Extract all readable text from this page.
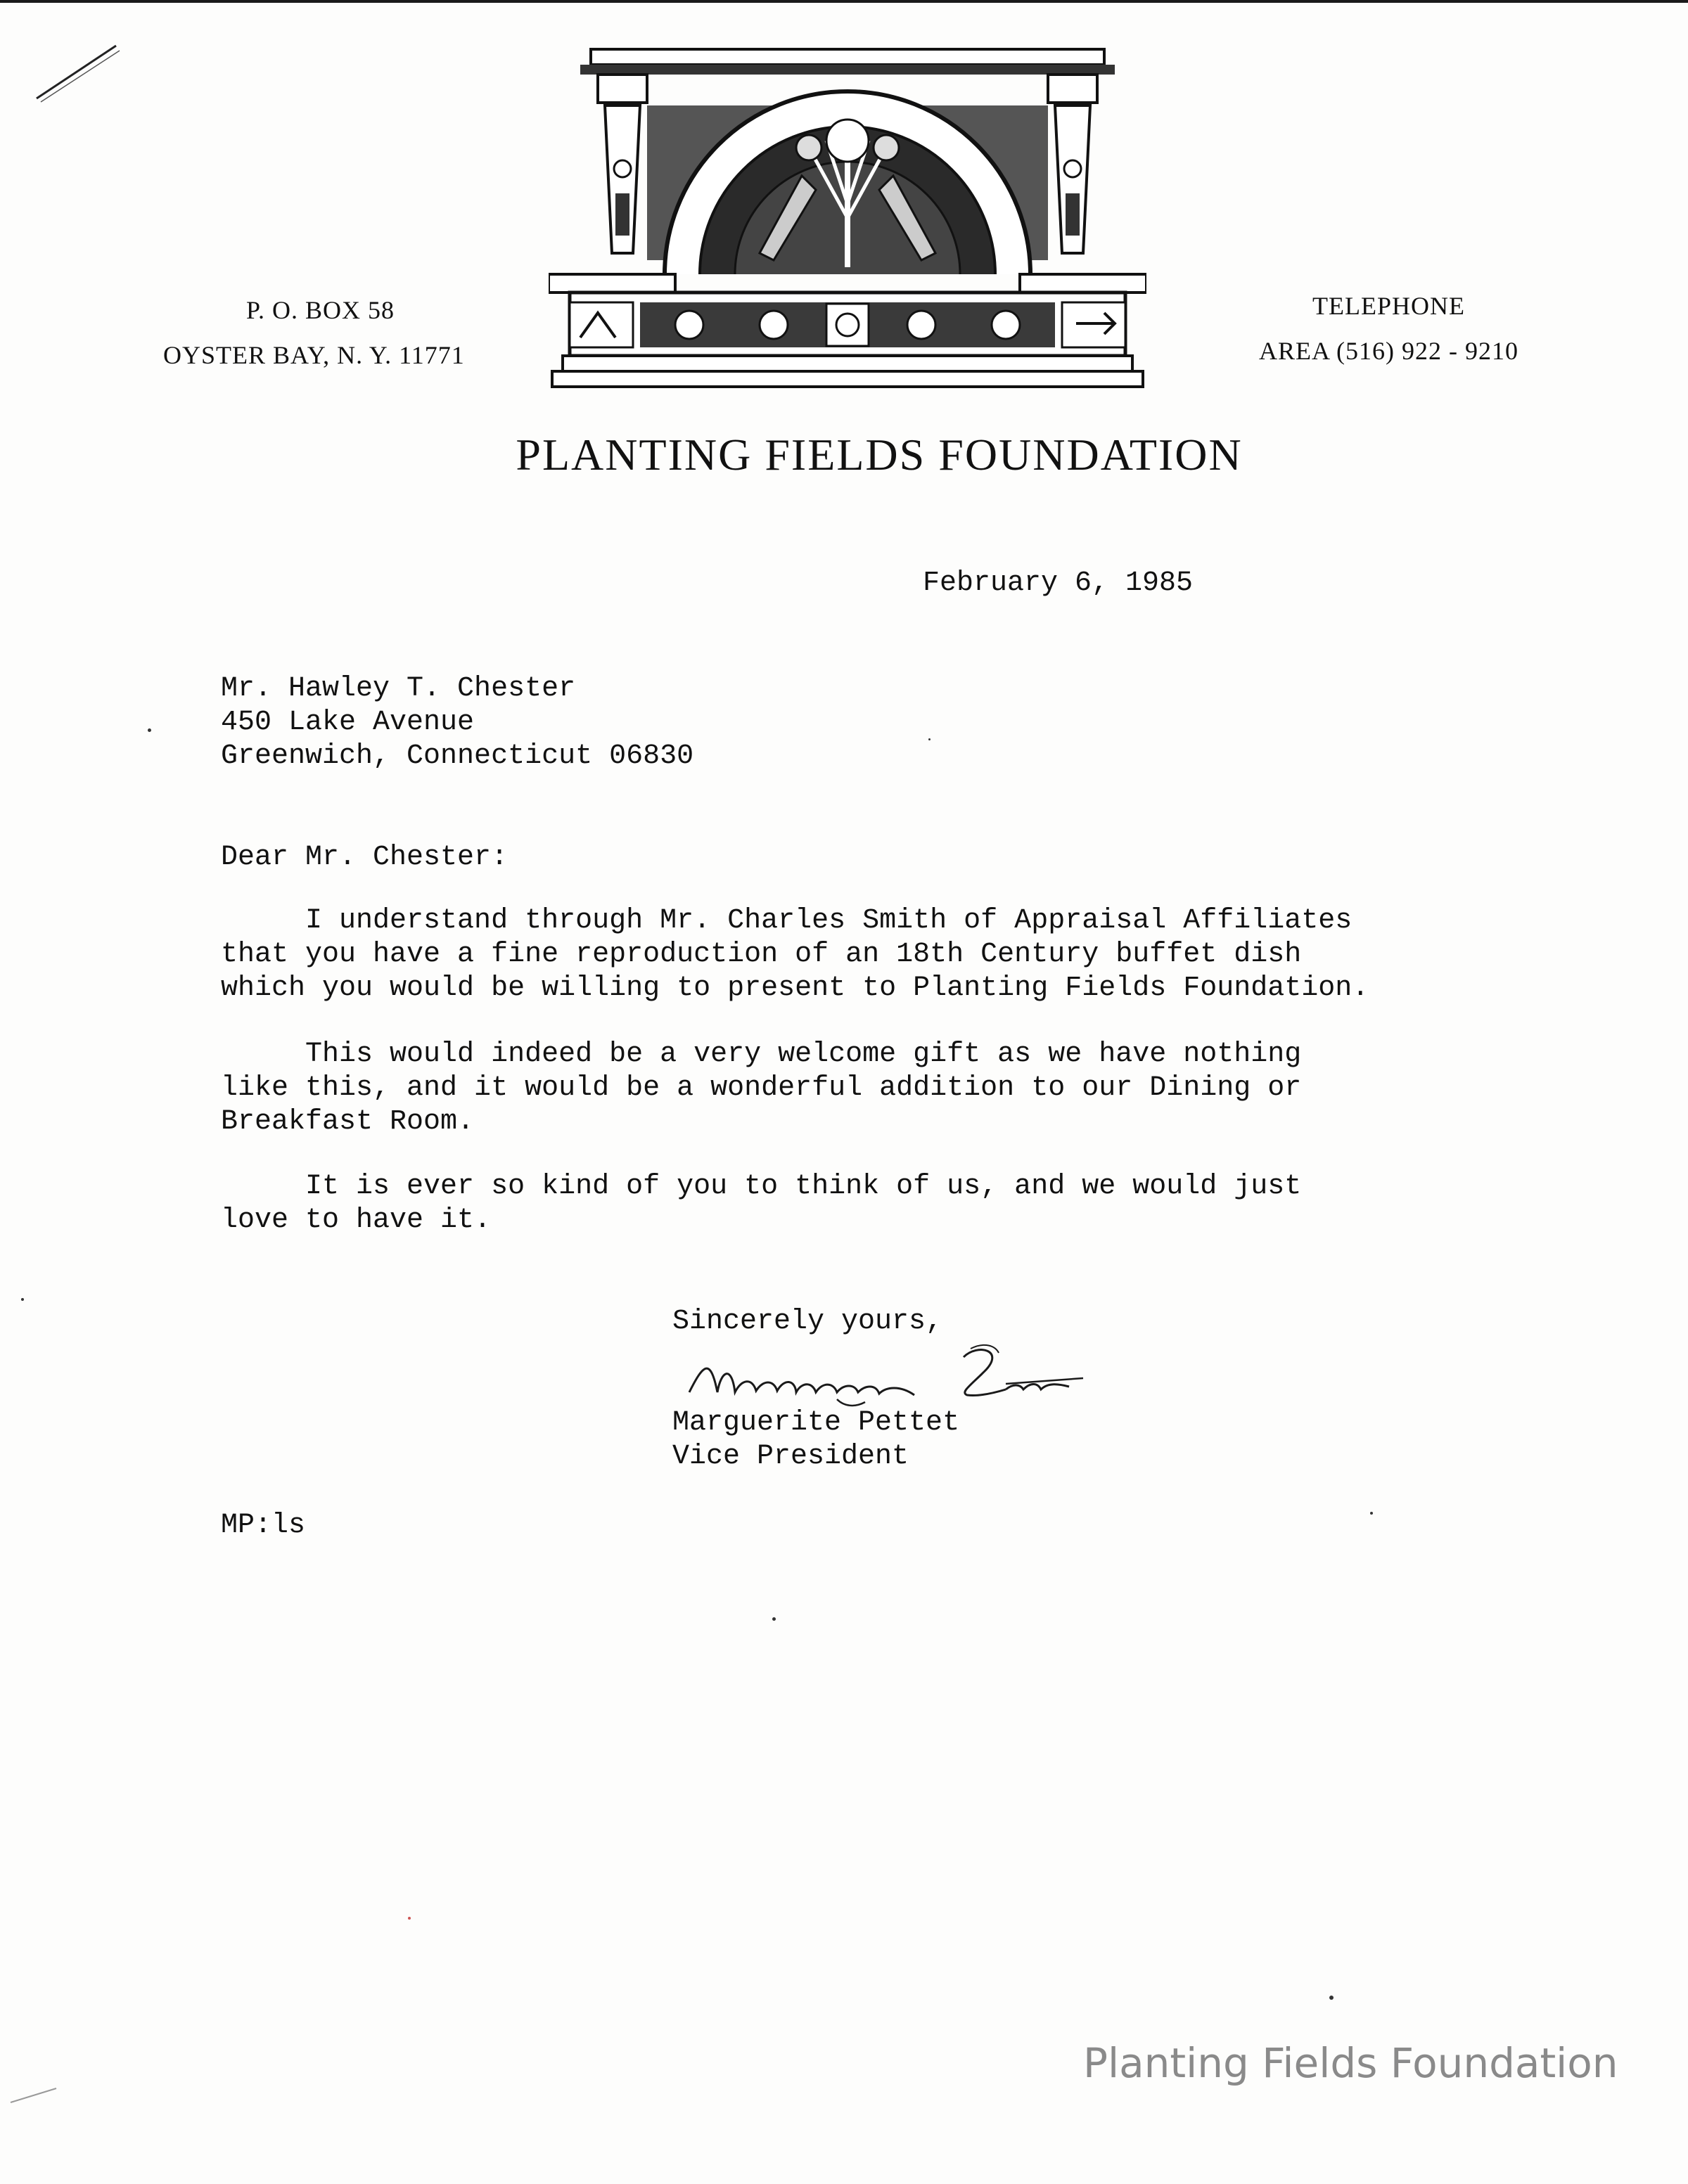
P. O. BOX 58
OYSTER BAY, N. Y. 11771
TELEPHONE
AREA (516) 922 - 9210
PLANTING FIELDS FOUNDATION
February 6, 1985
Mr. Hawley T. Chester
450 Lake Avenue
Greenwich, Connecticut 06830
Dear Mr. Chester:
I understand through Mr. Charles Smith of Appraisal Affiliates
that you have a fine reproduction of an 18th Century buffet dish
which you would be willing to present to Planting Fields Foundation.
This would indeed be a very welcome gift as we have nothing
like this, and it would be a wonderful addition to our Dining or
Breakfast Room.
It is ever so kind of you to think of us, and we would just
love to have it.
Sincerely yours,
Marguerite Pettet
Vice President
MP:ls
Planting Fields Foundation
